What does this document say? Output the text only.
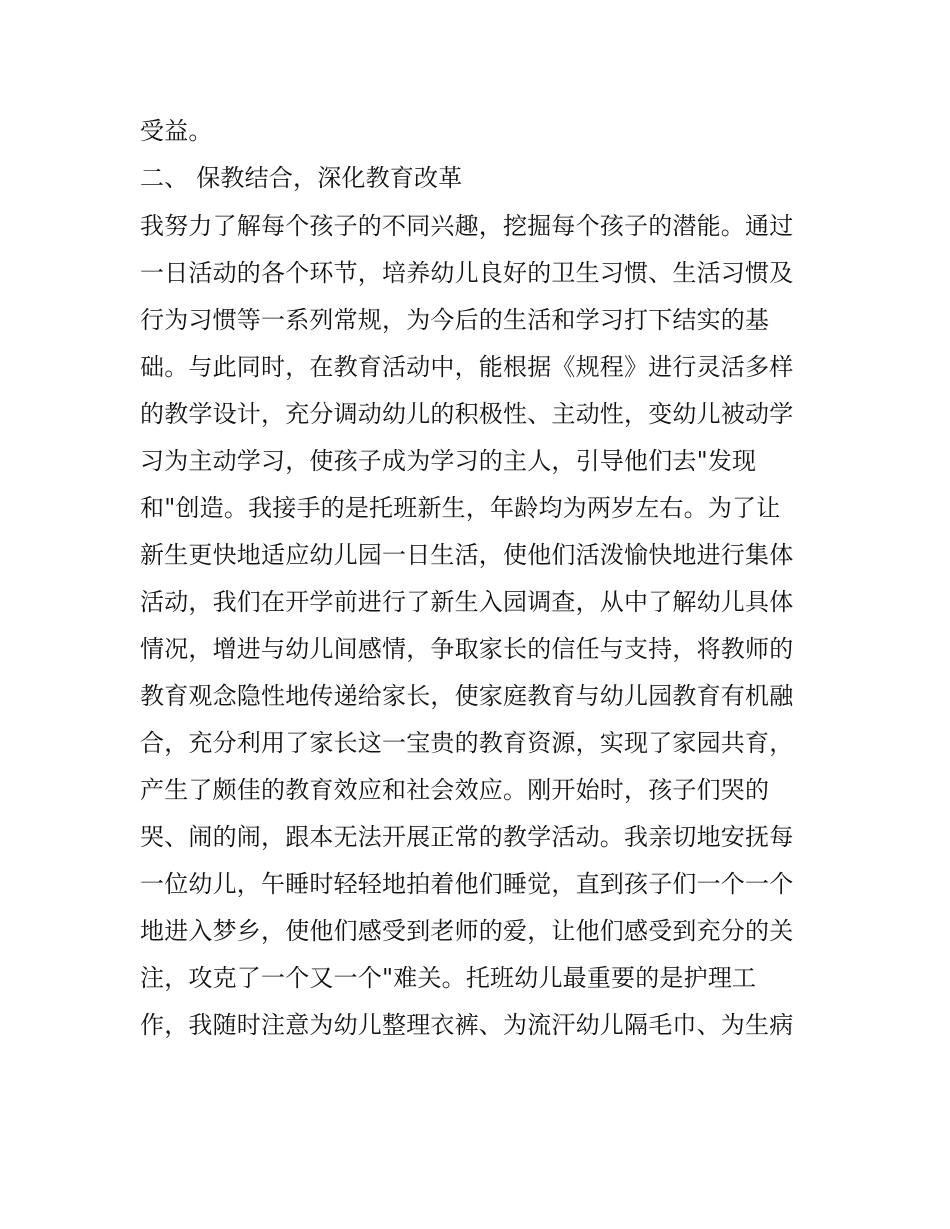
受益。
二、 保教结合，深化教育改革
我努力了解每个孩子的不同兴趣，挖掘每个孩子的潜能。通过
一日活动的各个环节，培养幼儿良好的卫生习惯、生活习惯及
行为习惯等一系列常规，为今后的生活和学习打下结实的基
础。与此同时，在教育活动中，能根据《规程》进行灵活多样
的教学设计，充分调动幼儿的积极性、主动性，变幼儿被动学
习为主动学习，使孩子成为学习的主人，引导他们去"发现
和"创造。我接手的是托班新生，年龄均为两岁左右。为了让
新生更快地适应幼儿园一日生活，使他们活泼愉快地进行集体
活动，我们在开学前进行了新生入园调查，从中了解幼儿具体
情况，增进与幼儿间感情，争取家长的信任与支持，将教师的
教育观念隐性地传递给家长，使家庭教育与幼儿园教育有机融
合，充分利用了家长这一宝贵的教育资源，实现了家园共育，
产生了颇佳的教育效应和社会效应。刚开始时，孩子们哭的
哭、闹的闹，跟本无法开展正常的教学活动。我亲切地安抚每
一位幼儿，午睡时轻轻地拍着他们睡觉，直到孩子们一个一个
地进入梦乡，使他们感受到老师的爱，让他们感受到充分的关
注，攻克了一个又一个"难关。托班幼儿最重要的是护理工
作，我随时注意为幼儿整理衣裤、为流汗幼儿隔毛巾、为生病
